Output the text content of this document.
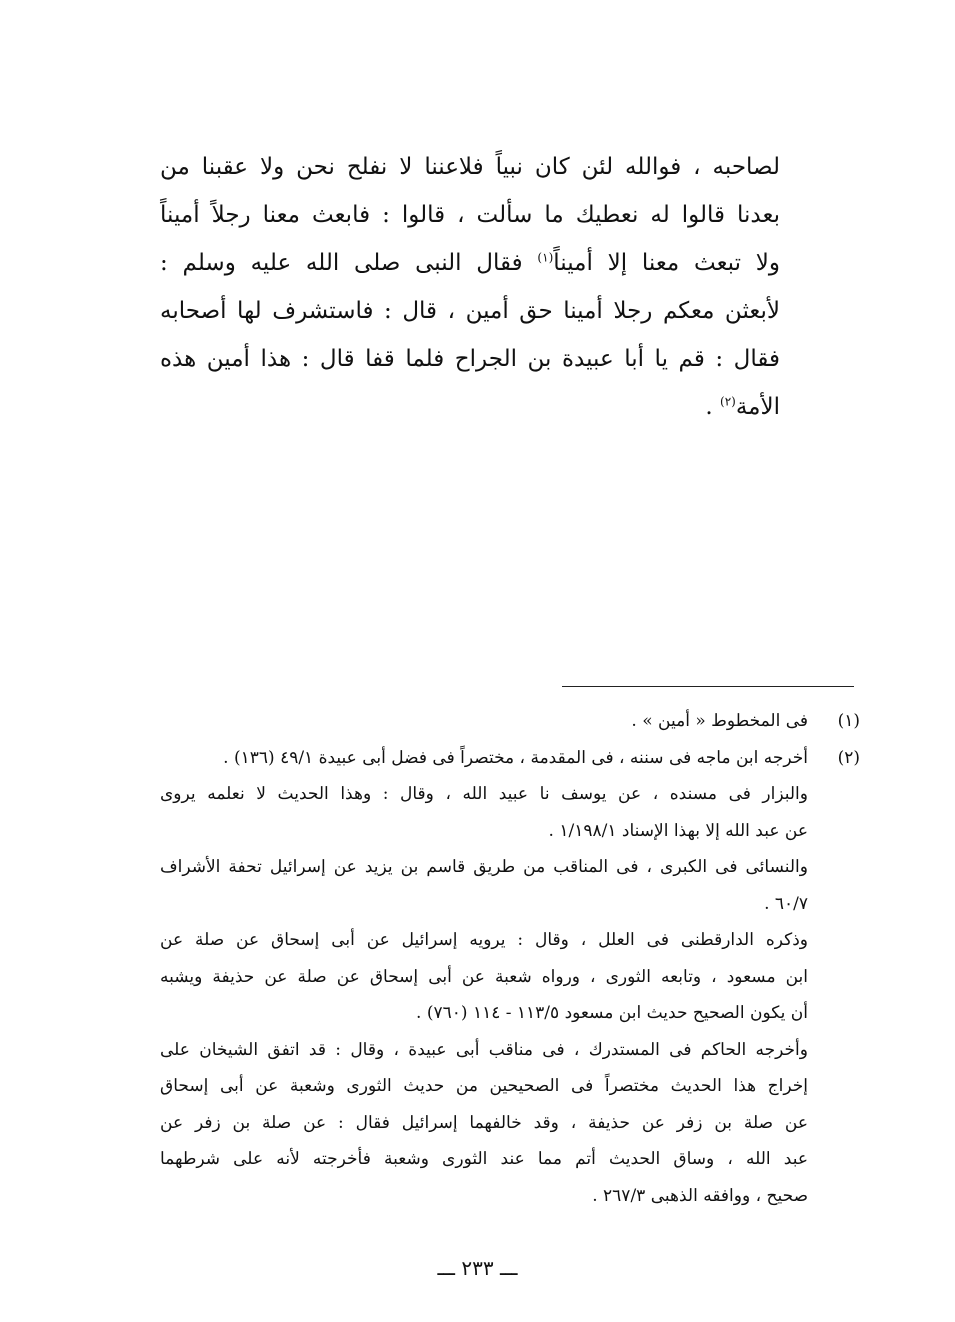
لصاحبه ، فوالله لئن كان نبياً فلاعننا لا نفلح نحن ولا عقبنا من
بعدنا قالوا له نعطيك ما سألت ، قالوا : فابعث معنا رجلاً أميناً
ولا تبعث معنا إلا أميناً$^{(١)}$ فقال النبى صلى الله عليه وسلم :
لأبعثن معكم رجلا أمينا حق أمين ، قال : فاستشرف لها أصحابه
فقال : قم يا أبا عبيدة بن الجراح فلما قفا قال : هذا أمين هذه
الأمة$^{(٢)}$ .
(١)
فى المخطوط « أمين » .
(٢)
أخرجه ابن ماجه فى سننه ، فى المقدمة ، مختصراً فى فضل أبى عبيدة ٤٩/١ (١٣٦) .
والبزار فى مسنده ، عن يوسف نا عبيد الله ، وقال : وهذا الحديث لا نعلمه يروى
عن عبد الله إلا بهذا الإسناد ١/١٩٨/١ .
والنسائى فى الكبرى ، فى المناقب من طريق قاسم بن يزيد عن إسرائيل تحفة الأشراف
٦٠/٧ .
وذكره الدارقطنى فى العلل ، وقال : يرويه إسرائيل عن أبى إسحاق عن صلة عن
ابن مسعود ، وتابعه الثورى ، ورواه شعبة عن أبى إسحاق عن صلة عن حذيفة ويشبه
أن يكون الصحيح حديث ابن مسعود ١١٣/٥ - ١١٤ (٧٦٠) .
وأخرجه الحاكم فى المستدرك ، فى مناقب أبى عبيدة ، وقال : قد اتفق الشيخان على
إخراج هذا الحديث مختصراً فى الصحيحين من حديث الثورى وشعبة عن أبى إسحاق
عن صلة بن زفر عن حذيفة ، وقد خالفهما إسرائيل فقال : عن صلة بن زفر عن
عبد الله ، وساق الحديث أتم مما عند الثورى وشعبة فأخرجته لأنه على شرطهما
صحيح ، ووافقه الذهبى ٢٦٧/٣ .
ـــ ٢٣٣ ـــ
